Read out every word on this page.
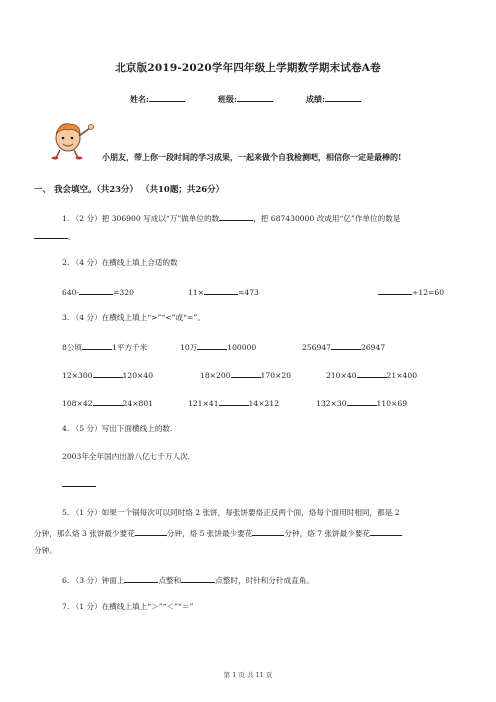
北京版2019-2020学年四年级上学期数学期末试卷A卷
姓名:	班级:	成绩:
小朋友，带上你一段时间的学习成果，一起来做个自我检测吧，相信你一定是最棒的!
一、 我会填空。（共23分） （共10题；共26分）
1. （2 分）把 306900 写成以“万”做单位的数	，把 687430000 改成用“亿”作单位的数是
。
2. （4 分）在横线上填上合适的数
640-	=320	11×	=473	÷12=60
3. （4 分）在横线上填上“>”“<”或“=”。
8公顷	1平方千米	10万	100000	256947	26947
12×300	120×40	18×200	170×20	210×40	21×400
108×42	24×801	121×41	14×212	132×30	110×69
4. （5 分）写出下面横线上的数.
2003年全年国内出游八亿七千万人次.
5. （1 分）如果一个锅每次可以同时烙 2 张饼，每张饼要烙正反两个面，烙每个面用时相同，都是 2
分钟，那么烙 3 张饼最少要花	分钟，烙 5 张饼最少要花	分钟，烙 7 张饼最少要花
分钟。
6. （3 分）钟面上	点整和	点整时，时针和分针成直角。
7. （1 分）在横线上填上“＞”“＜”“＝”
第 1 页 共 11 页
